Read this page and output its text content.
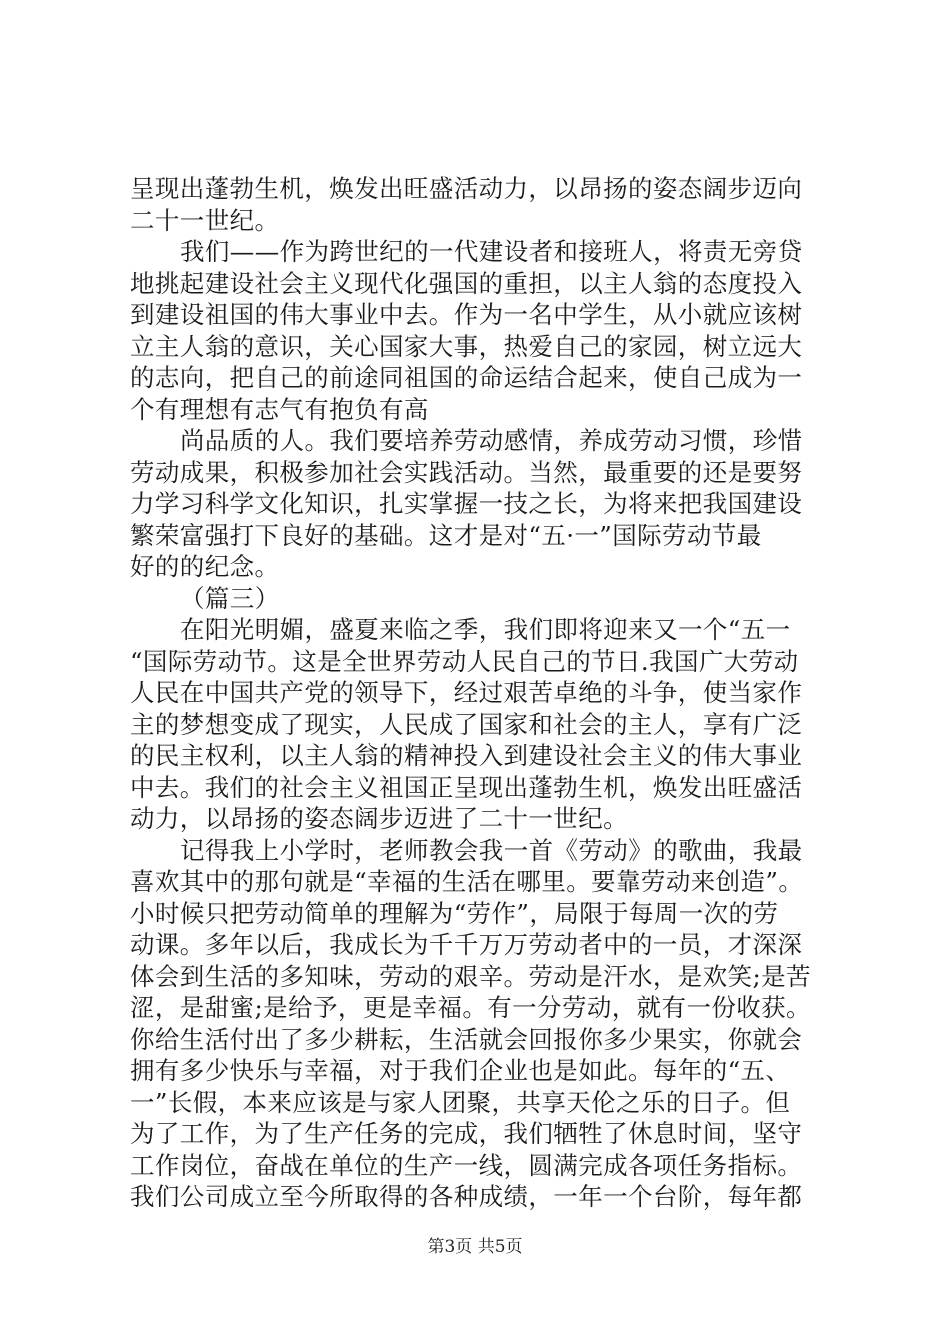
呈现出蓬勃生机，焕发出旺盛活动力，以昂扬的姿态阔步迈向
二十一世纪。
我们——作为跨世纪的一代建设者和接班人，将责无旁贷
地挑起建设社会主义现代化强国的重担，以主人翁的态度投入
到建设祖国的伟大事业中去。作为一名中学生，从小就应该树
立主人翁的意识，关心国家大事，热爱自己的家园，树立远大
的志向，把自己的前途同祖国的命运结合起来，使自己成为一
个有理想有志气有抱负有高
尚品质的人。我们要培养劳动感情，养成劳动习惯，珍惜
劳动成果，积极参加社会实践活动。当然，最重要的还是要努
力学习科学文化知识，扎实掌握一技之长，为将来把我国建设
繁荣富强打下良好的基础。这才是对“五·一”国际劳动节最
好的的纪念。
（篇三）
在阳光明媚，盛夏来临之季，我们即将迎来又一个“五一
“国际劳动节。这是全世界劳动人民自己的节日.我国广大劳动
人民在中国共产党的领导下，经过艰苦卓绝的斗争，使当家作
主的梦想变成了现实，人民成了国家和社会的主人，享有广泛
的民主权利，以主人翁的精神投入到建设社会主义的伟大事业
中去。我们的社会主义祖国正呈现出蓬勃生机，焕发出旺盛活
动力，以昂扬的姿态阔步迈进了二十一世纪。
记得我上小学时，老师教会我一首《劳动》的歌曲，我最
喜欢其中的那句就是“幸福的生活在哪里。要靠劳动来创造”。
小时候只把劳动简单的理解为“劳作”，局限于每周一次的劳
动课。多年以后，我成长为千千万万劳动者中的一员，才深深
体会到生活的多知味，劳动的艰辛。劳动是汗水，是欢笑;是苦
涩，是甜蜜;是给予，更是幸福。有一分劳动，就有一份收获。
你给生活付出了多少耕耘，生活就会回报你多少果实，你就会
拥有多少快乐与幸福，对于我们企业也是如此。每年的“五、
一”长假，本来应该是与家人团聚，共享天伦之乐的日子。但
为了工作，为了生产任务的完成，我们牺牲了休息时间，坚守
工作岗位，奋战在单位的生产一线，圆满完成各项任务指标。
我们公司成立至今所取得的各种成绩，一年一个台阶，每年都
第3页 共5页
